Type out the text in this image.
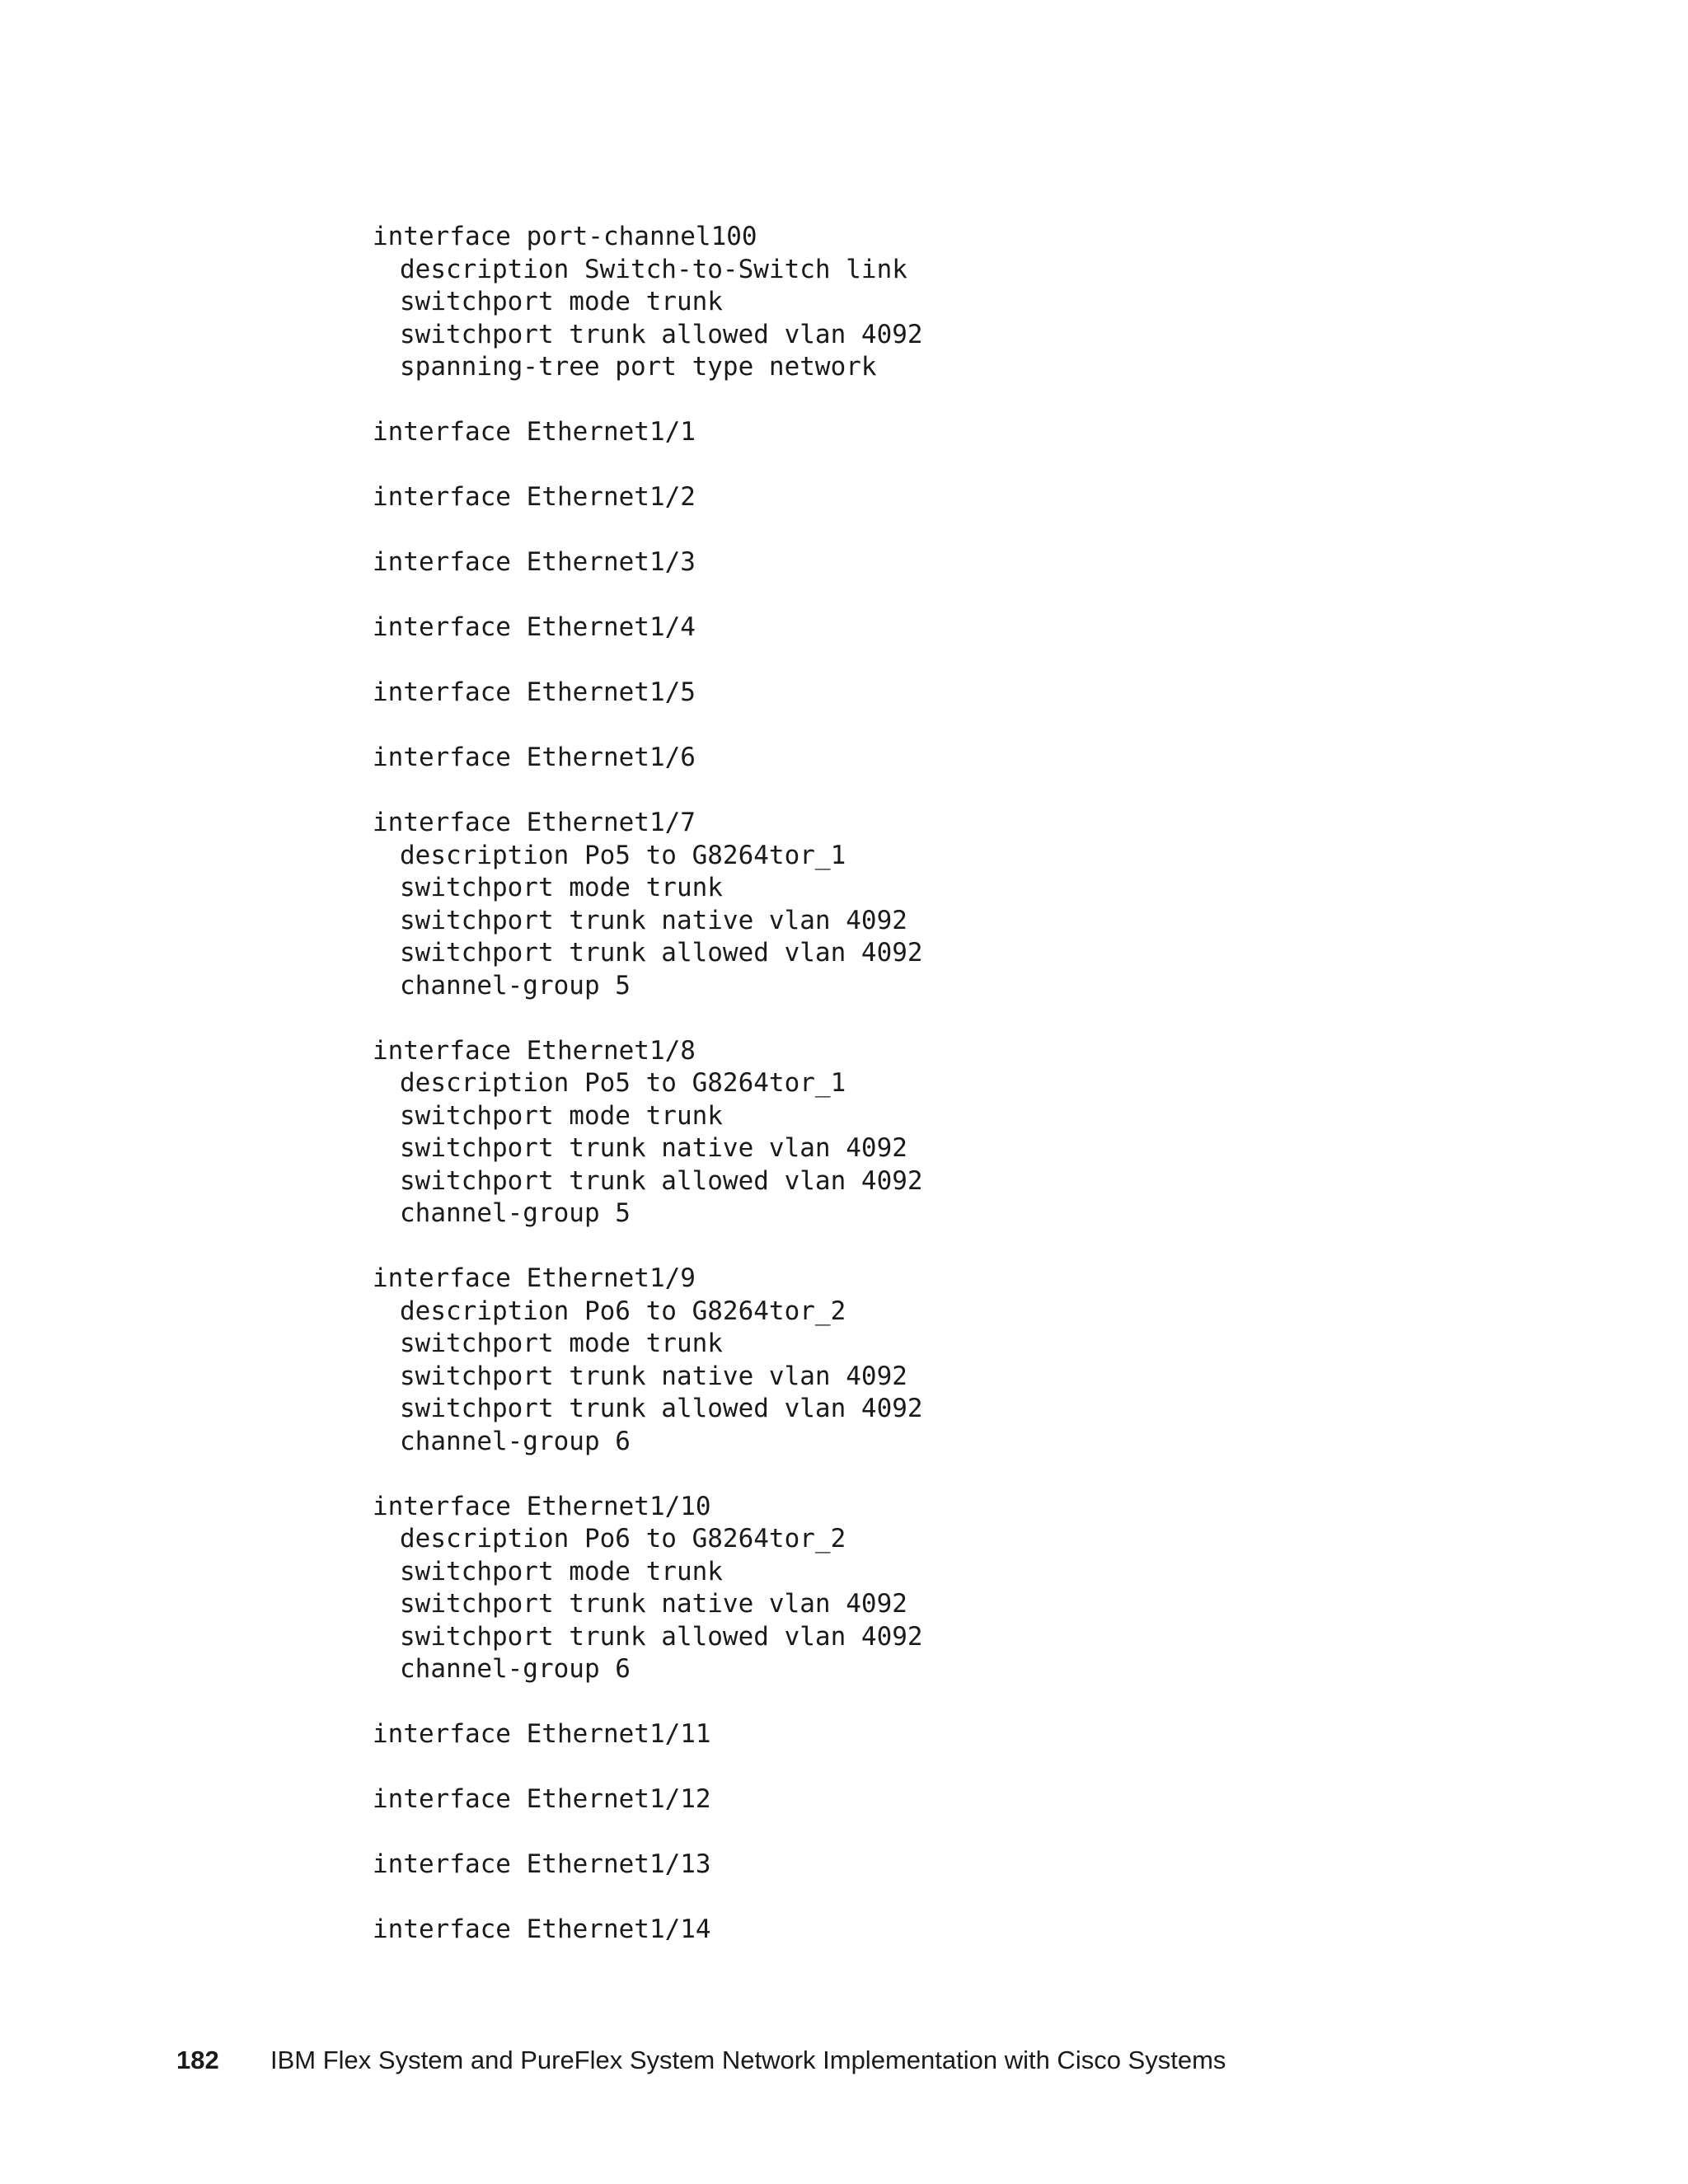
interface port-channel100
description Switch-to-Switch link
switchport mode trunk
switchport trunk allowed vlan 4092
spanning-tree port type network
interface Ethernet1/1
interface Ethernet1/2
interface Ethernet1/3
interface Ethernet1/4
interface Ethernet1/5
interface Ethernet1/6
interface Ethernet1/7
description Po5 to G8264tor_1
switchport mode trunk
switchport trunk native vlan 4092
switchport trunk allowed vlan 4092
channel-group 5
interface Ethernet1/8
description Po5 to G8264tor_1
switchport mode trunk
switchport trunk native vlan 4092
switchport trunk allowed vlan 4092
channel-group 5
interface Ethernet1/9
description Po6 to G8264tor_2
switchport mode trunk
switchport trunk native vlan 4092
switchport trunk allowed vlan 4092
channel-group 6
interface Ethernet1/10
description Po6 to G8264tor_2
switchport mode trunk
switchport trunk native vlan 4092
switchport trunk allowed vlan 4092
channel-group 6
interface Ethernet1/11
interface Ethernet1/12
interface Ethernet1/13
interface Ethernet1/14
182 IBM Flex System and PureFlex System Network Implementation with Cisco Systems
